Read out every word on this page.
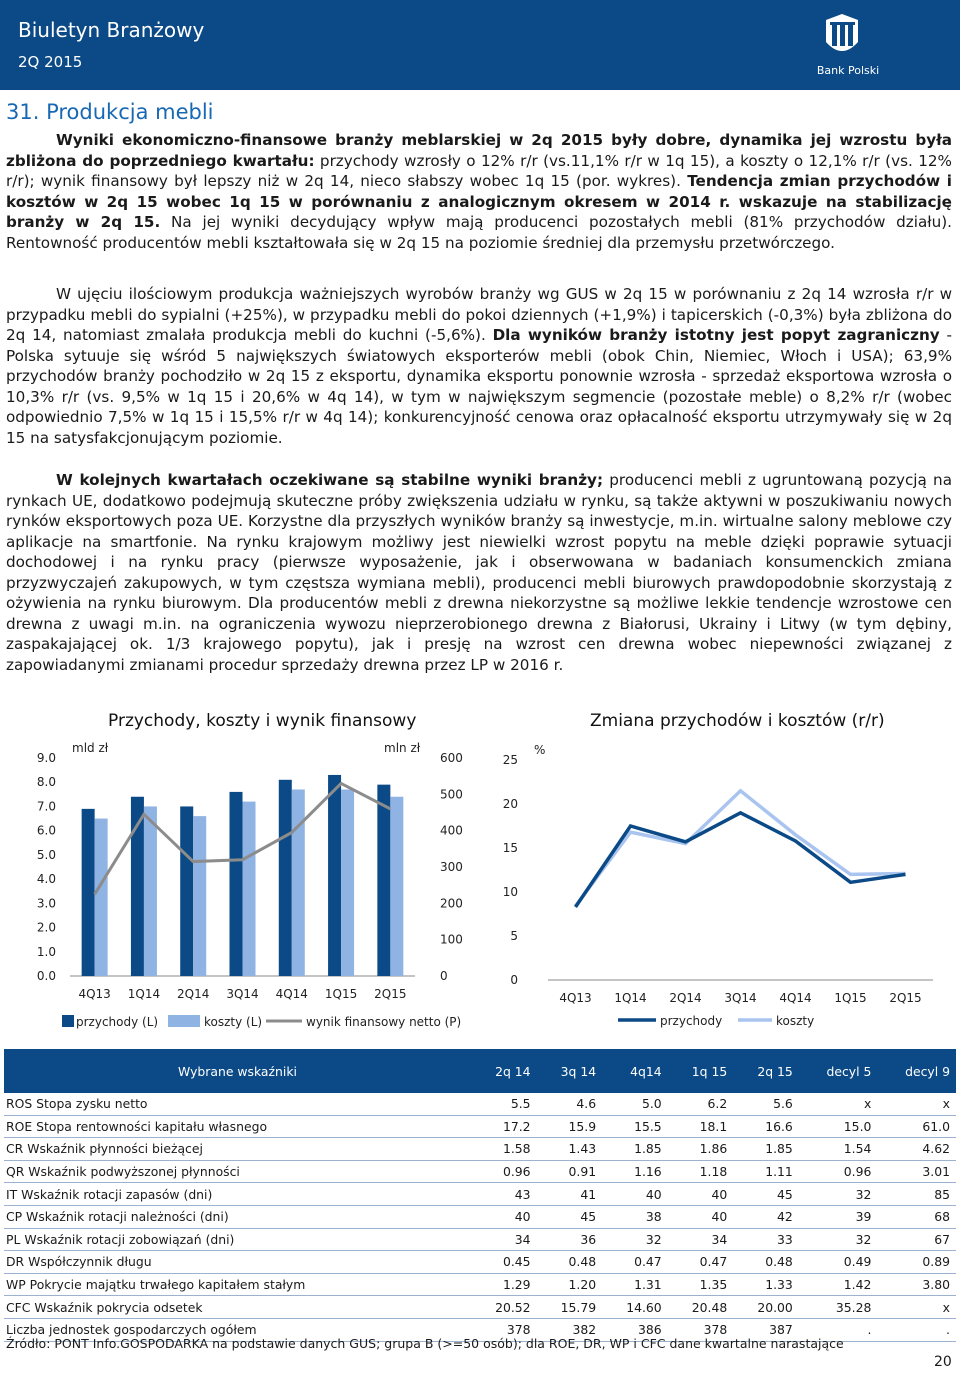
Biuletyn Branżowy
2Q 2015	Bank Polski
31. Produkcja mebli
Wyniki ekonomiczno-finansowe branży meblarskiej w 2q 2015 były dobre, dynamika jej wzrostu była zbliżona do poprzedniego kwartału: przychody wzrosły o 12% r/r (vs.11,1% r/r w 1q 15), a koszty o 12,1% r/r (vs. 12% r/r); wynik finansowy był lepszy niż w 2q 14, nieco słabszy wobec 1q 15 (por. wykres). Tendencja zmian przychodów i kosztów w 2q 15 wobec 1q 15 w porównaniu z analogicznym okresem w 2014 r. wskazuje na stabilizację branży w 2q 15. Na jej wyniki decydujący wpływ mają producenci pozostałych mebli (81% przychodów działu). Rentowność producentów mebli kształtowała się w 2q 15 na poziomie średniej dla przemysłu przetwórczego.
W ujęciu ilościowym produkcja ważniejszych wyrobów branży wg GUS w 2q 15 w porównaniu z 2q 14 wzrosła r/r w przypadku mebli do sypialni (+25%), w przypadku mebli do pokoi dziennych (+1,9%) i tapicerskich (-0,3%) była zbliżona do 2q 14, natomiast zmalała produkcja mebli do kuchni (-5,6%). Dla wyników branży istotny jest popyt zagraniczny - Polska sytuuje się wśród 5 największych światowych eksporterów mebli (obok Chin, Niemiec, Włoch i USA); 63,9% przychodów branży pochodziło w 2q 15 z eksportu, dynamika eksportu ponownie wzrosła - sprzedaż eksportowa wzrosła o 10,3% r/r (vs. 9,5% w 1q 15 i 20,6% w 4q 14), w tym w największym segmencie (pozostałe meble) o 8,2% r/r (wobec odpowiednio 7,5% w 1q 15 i 15,5% r/r w 4q 14); konkurencyjność cenowa oraz opłacalność eksportu utrzymywały się w 2q 15 na satysfakcjonującym poziomie.
W kolejnych kwartałach oczekiwane są stabilne wyniki branży; producenci mebli z ugruntowaną pozycją na rynkach UE, dodatkowo podejmują skuteczne próby zwiększenia udziału w rynku, są także aktywni w poszukiwaniu nowych rynków eksportowych poza UE. Korzystne dla przyszłych wyników branży są inwestycje, m.in. wirtualne salony meblowe czy aplikacje na smartfonie. Na rynku krajowym możliwy jest niewielki wzrost popytu na meble dzięki poprawie sytuacji dochodowej i na rynku pracy (pierwsze wyposażenie, jak i obserwowana w badaniach konsumenckich zmiana przyzwyczajeń zakupowych, w tym częstsza wymiana mebli), producenci mebli biurowych prawdopodobnie skorzystają z ożywienia na rynku biurowym. Dla producentów mebli z drewna niekorzystne są możliwe lekkie tendencje wzrostowe cen drewna z uwagi m.in. na ograniczenia wywozu nieprzerobionego drewna z Białorusi, Ukrainy i Litwy (w tym dębiny, zaspakajającej ok. 1/3 krajowego popytu), jak i presję na wzrost cen drewna wobec niepewności związanej z zapowiadanymi zmianami procedur sprzedaży drewna przez LP w 2016 r.
Przychody, koszty i wynik finansowy
mld zł	mln zł
9.0
8.0
7.0
6.0
5.0
4.0
3.0
2.0
1.0
0.0
600
500
400
300
200
100
0
4Q13 1Q14 2Q14 3Q14 4Q14 1Q15 2Q15
przychody (L)	koszty (L)	wynik finansowy netto (P)
Zmiana przychodów i kosztów (r/r)
%
25
20
15
10
5
0
4Q13 1Q14 2Q14 3Q14 4Q14 1Q15 2Q15
przychody	koszty
Wybrane wskaźniki	2q 14	3q 14	4q14	1q 15	2q 15	decyl 5	decyl 9
ROS Stopa zysku netto	5.5	4.6	5.0	6.2	5.6	x	x
ROE Stopa rentowności kapitału własnego	17.2	15.9	15.5	18.1	16.6	15.0	61.0
CR Wskaźnik płynności bieżącej	1.58	1.43	1.85	1.86	1.85	1.54	4.62
QR Wskaźnik podwyższonej płynności	0.96	0.91	1.16	1.18	1.11	0.96	3.01
IT Wskaźnik rotacji zapasów (dni)	43	41	40	40	45	32	85
CP Wskaźnik rotacji należności (dni)	40	45	38	40	42	39	68
PL Wskaźnik rotacji zobowiązań (dni)	34	36	32	34	33	32	67
DR Współczynnik długu	0.45	0.48	0.47	0.47	0.48	0.49	0.89
WP Pokrycie majątku trwałego kapitałem stałym	1.29	1.20	1.31	1.35	1.33	1.42	3.80
CFC Wskaźnik pokrycia odsetek	20.52	15.79	14.60	20.48	20.00	35.28	x
Liczba jednostek gospodarczych ogółem	378	382	386	378	387	.	.
Źródło: PONT Info.GOSPODARKA na podstawie danych GUS; grupa B (>=50 osób); dla ROE, DR, WP i CFC dane kwartalne narastające
20
